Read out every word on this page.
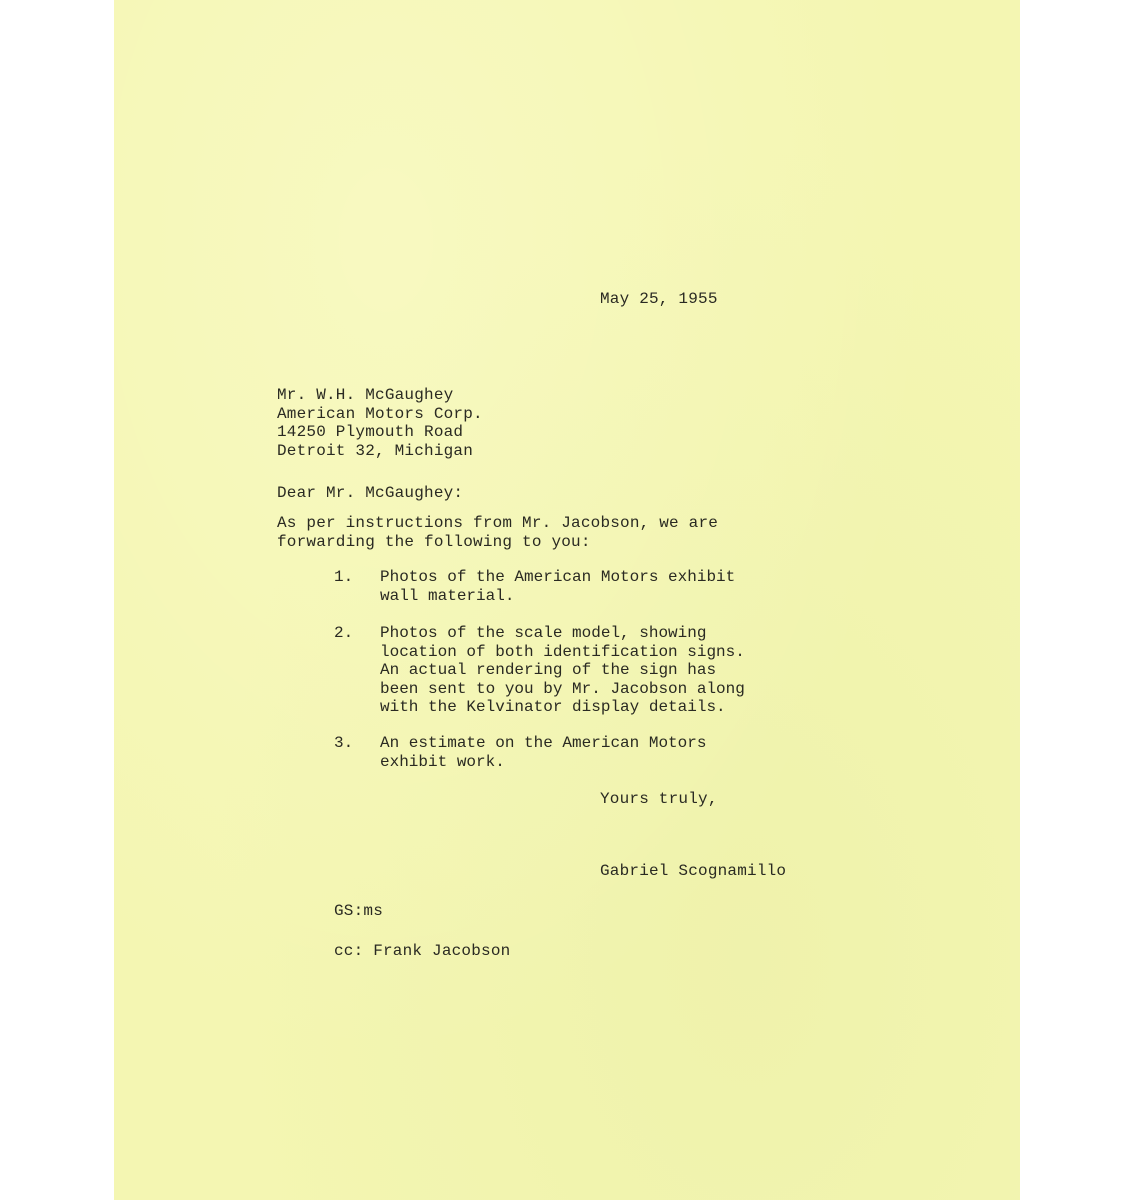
May 25, 1955
Mr. W.H. McGaughey
American Motors Corp.
14250 Plymouth Road
Detroit 32, Michigan
Dear Mr. McGaughey:
As per instructions from Mr. Jacobson, we are
forwarding the following to you:
1. Photos of the American Motors exhibit
wall material.
2. Photos of the scale model, showing
location of both identification signs.
An actual rendering of the sign has
been sent to you by Mr. Jacobson along
with the Kelvinator display details.
3. An estimate on the American Motors
exhibit work.
Yours truly,
Gabriel Scognamillo
GS:ms
cc: Frank Jacobson
